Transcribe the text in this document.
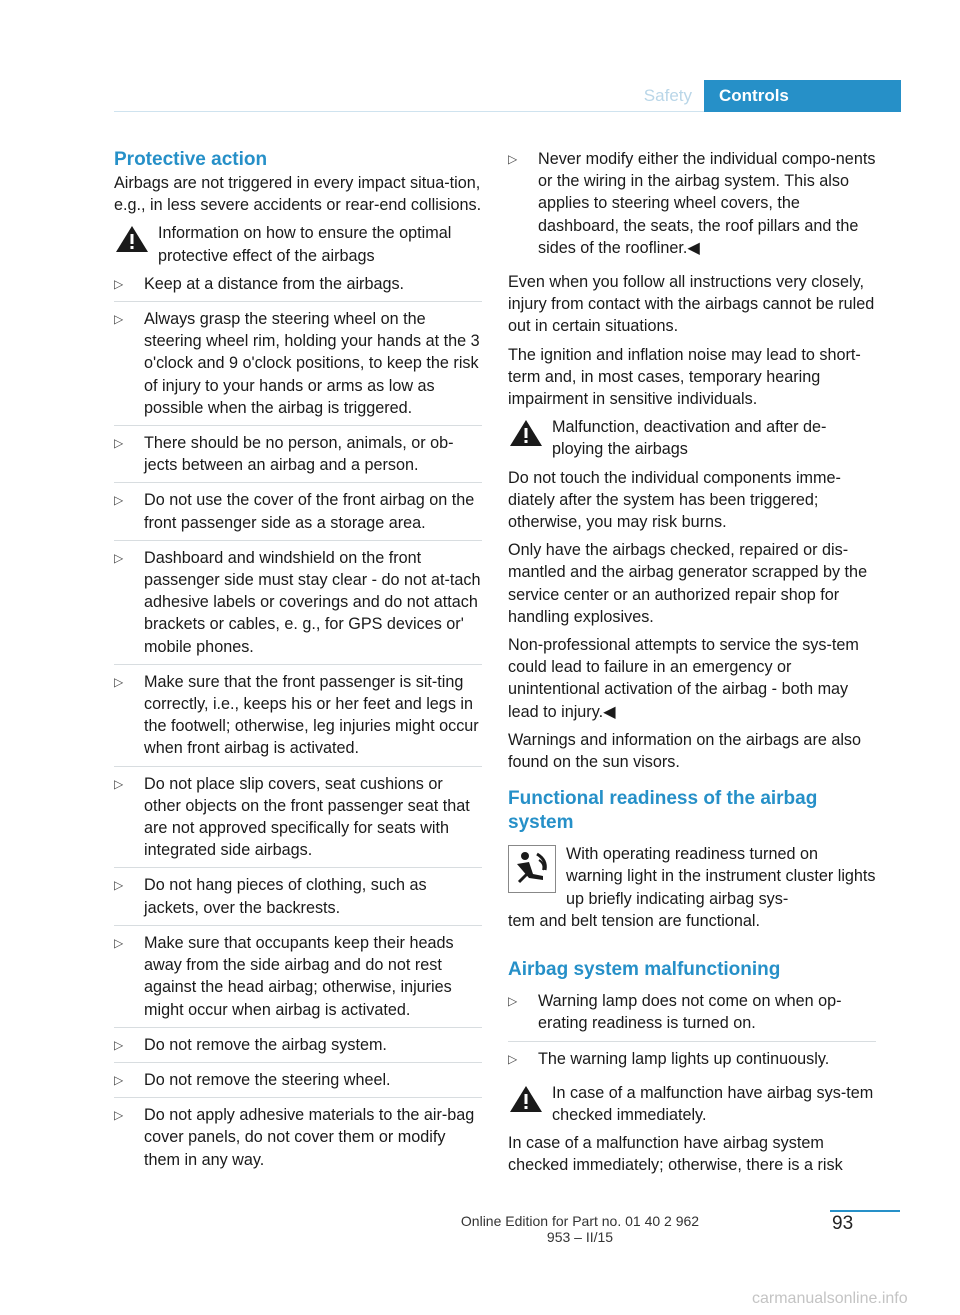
Safety	Controls
Protective action

Airbags are not triggered in every impact situa-tion, e.g., in less severe accidents or rear-end collisions.

Information on how to ensure the optimal protective effect of the airbags
▷ Keep at a distance from the airbags.
▷ Always grasp the steering wheel on the steering wheel rim, holding your hands at the 3 o'clock and 9 o'clock positions, to keep the risk of injury to your hands or arms as low as possible when the airbag is triggered.
▷ There should be no person, animals, or ob-jects between an airbag and a person.
▷ Do not use the cover of the front airbag on the front passenger side as a storage area.
▷ Dashboard and windshield on the front passenger side must stay clear - do not at-tach adhesive labels or coverings and do not attach brackets or cables, e. g., for GPS devices or' mobile phones.
▷ Make sure that the front passenger is sit-ting correctly, i.e., keeps his or her feet and legs in the footwell; otherwise, leg injuries might occur when front airbag is activated.
▷ Do not place slip covers, seat cushions or other objects on the front passenger seat that are not approved specifically for seats with integrated side airbags.
▷ Do not hang pieces of clothing, such as jackets, over the backrests.
▷ Make sure that occupants keep their heads away from the side airbag and do not rest against the head airbag; otherwise, injuries might occur when airbag is activated.
▷ Do not remove the airbag system.
▷ Do not remove the steering wheel.
▷ Do not apply adhesive materials to the air-bag cover panels, do not cover them or modify them in any way.
▷ Never modify either the individual compo-nents or the wiring in the airbag system. This also applies to steering wheel covers, the dashboard, the seats, the roof pillars and the sides of the roofliner.◀

Even when you follow all instructions very closely, injury from contact with the airbags cannot be ruled out in certain situations.

The ignition and inflation noise may lead to short-term and, in most cases, temporary hearing impairment in sensitive individuals.

Malfunction, deactivation and after de-ploying the airbags

Do not touch the individual components imme-diately after the system has been triggered; otherwise, you may risk burns.

Only have the airbags checked, repaired or dis-mantled and the airbag generator scrapped by the service center or an authorized repair shop for handling explosives.

Non-professional attempts to service the sys-tem could lead to failure in an emergency or unintentional activation of the airbag - both may lead to injury.◀

Warnings and information on the airbags are also found on the sun visors.

Functional readiness of the airbag system
With operating readiness turned on warning light in the instrument cluster lights up briefly indicating airbag sys-
tem and belt tension are functional.
Airbag system malfunctioning
▷ Warning lamp does not come on when op-erating readiness is turned on.
▷ The warning lamp lights up continuously.
In case of a malfunction have airbag sys-tem checked immediately.

In case of a malfunction have airbag system checked immediately; otherwise, there is a risk

Online Edition for Part no. 01 40 2 962 953 – II/15
93
carmanualsonline.info
